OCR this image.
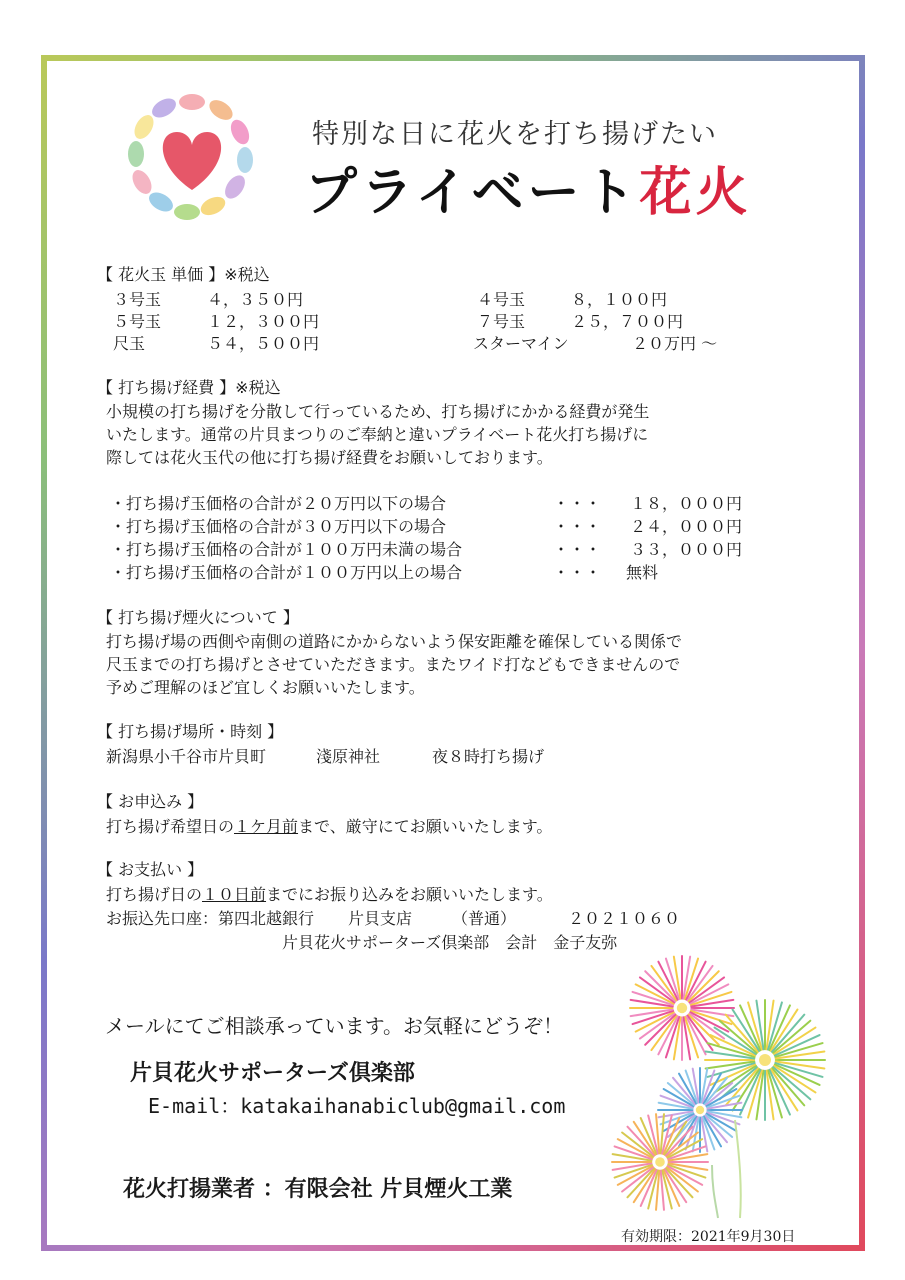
特別な日に花火を打ち揚げたい
プライベート花火
【 花火玉 単価 】※税込
３号玉	４，３５０円	４号玉	８，１００円
５号玉	１２，３００円	７号玉	２５，７００円
尺玉	５４，５００円	スターマイン	２０万円 ～
【 打ち揚げ経費 】※税込
小規模の打ち揚げを分散して行っているため、打ち揚げにかかる経費が発生
いたします。通常の片貝まつりのご奉納と違いプライベート花火打ち揚げに
際しては花火玉代の他に打ち揚げ経費をお願いしております。
・打ち揚げ玉価格の合計が２０万円以下の場合	・・・ １８，０００円
・打ち揚げ玉価格の合計が３０万円以下の場合	・・・ ２４，０００円
・打ち揚げ玉価格の合計が１００万円未満の場合	・・・ ３３，０００円
・打ち揚げ玉価格の合計が１００万円以上の場合	・・・ 無料
【 打ち揚げ煙火について 】
打ち揚げ場の西側や南側の道路にかからないよう保安距離を確保している関係で
尺玉までの打ち揚げとさせていただきます。またワイド打などもできませんので
予めご理解のほど宜しくお願いいたします。
【 打ち揚げ場所・時刻 】
新潟県小千谷市片貝町	淺原神社	夜８時打ち揚げ
【 お申込み 】
打ち揚げ希望日の１ケ月前まで、厳守にてお願いいたします。
【 お支払い 】
打ち揚げ日の１０日前までにお振り込みをお願いいたします。
お振込先口座：第四北越銀行 片貝支店 （普通）	２０２１０６０
片貝花火サポーターズ倶楽部　会計　金子友弥
メールにてご相談承っています。お気軽にどうぞ！
片貝花火サポーターズ倶楽部
E-mail：katakaihanabiclub@gmail.com
花火打揚業者 ：有限会社 片貝煙火工業
有効期限：2021年9月30日
